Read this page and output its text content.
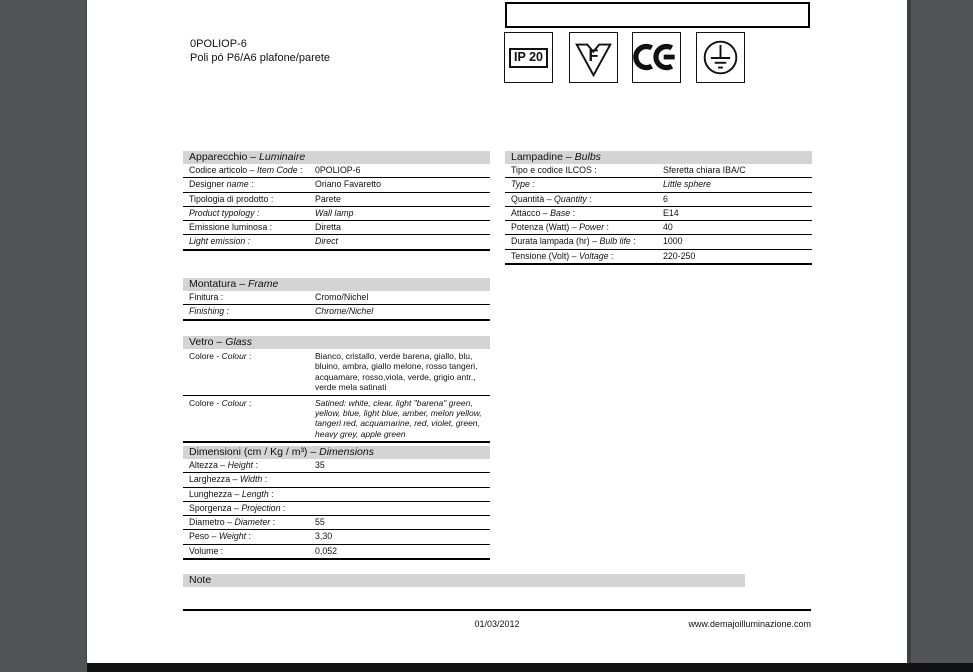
0POLIOP-6
Poli pó P6/A6 plafone/parete	IP 20	F
Apparecchio – Luminaire
Codice articolo – Item Code :	0POLIOP-6
Designer name :	Oriano Favaretto
Tipologia di prodotto :	Parete
Product typology :	Wall lamp
Emissione luminosa :	Diretta
Light emission :	Direct
Lampadine – Bulbs
Tipo e codice ILCOS :	Sferetta chiara IBA/C
Type :	Little sphere
Quantità – Quantity :	6
Attacco – Base :	E14
Potenza (Watt) – Power :	40
Durata lampada (hr) – Bulb life :	1000
Tensione (Volt) – Voltage :	220-250
Montatura – Frame
Finitura :	Cromo/Nichel
Finishing :	Chrome/Nichel
Vetro – Glass
Colore - Colour :	Bianco, cristallo, verde barena, giallo, blu, bluino, ambra, giallo melone, rosso tangeri, acquamare, rosso,viola, verde, grigio antr., verde mela satinati
Colore - Colour :	Satined: white, clear, light "barena" green, yellow, blue, light blue, amber, melon yellow, tangeri red, acquamarine, red, violet, green, heavy grey, apple green
Dimensioni (cm / Kg / m³) – Dimensions
Altezza – Height :	35
Larghezza – Width :
Lunghezza – Length :
Sporgenza – Projection :
Diametro – Diameter :	55
Peso – Weight :	3,30
Volume :	0,052
Note
01/03/2012	www.demajoilluminazione.com
